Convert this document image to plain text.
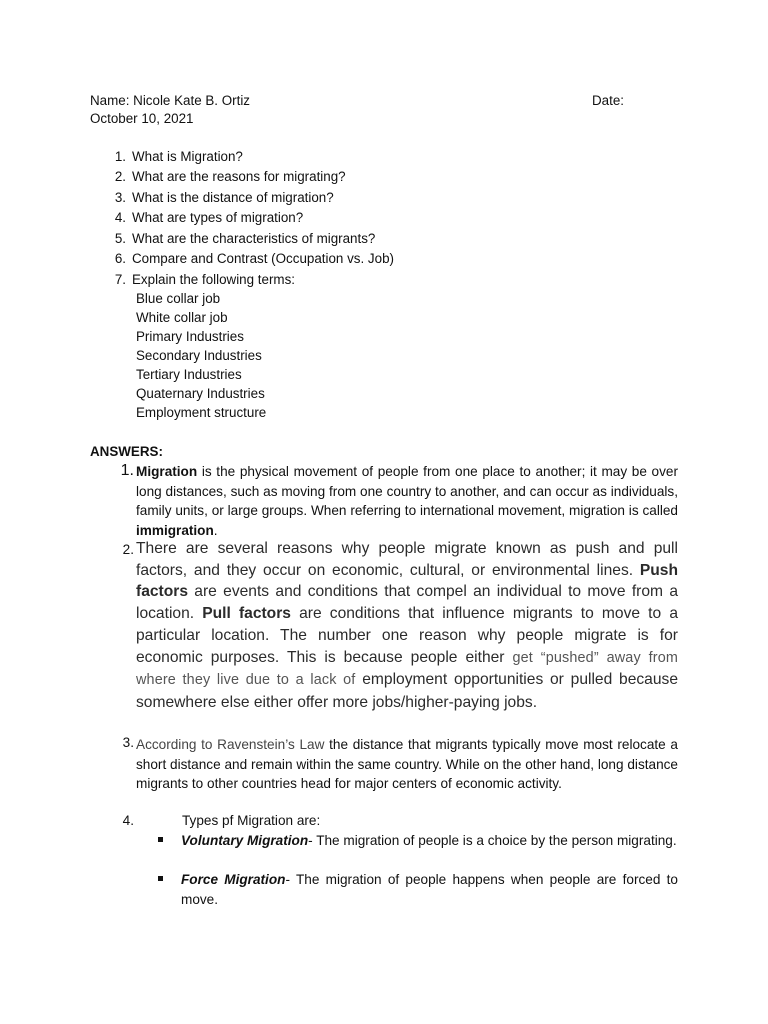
Name: Nicole Kate B. Ortiz	Date:
October 10, 2021
1. What is Migration?
2. What are the reasons for migrating?
3. What is the distance of migration?
4. What are types of migration?
5. What are the characteristics of migrants?
6. Compare and Contrast (Occupation vs. Job)
7. Explain the following terms:
Blue collar job
White collar job
Primary Industries
Secondary Industries
Tertiary Industries
Quaternary Industries
Employment structure
ANSWERS:
1. Migration is the physical movement of people from one place to another; it may be over long distances, such as moving from one country to another, and can occur as individuals, family units, or large groups. When referring to international movement, migration is called immigration.
2. There are several reasons why people migrate known as push and pull factors, and they occur on economic, cultural, or environmental lines. Push factors are events and conditions that compel an individual to move from a location. Pull factors are conditions that influence migrants to move to a particular location. The number one reason why people migrate is for economic purposes. This is because people either get “pushed” away from where they live due to a lack of employment opportunities or pulled because somewhere else either offer more jobs/higher-paying jobs.
3. According to Ravenstein’s Law the distance that migrants typically move most relocate a short distance and remain within the same country. While on the other hand, long distance migrants to other countries head for major centers of economic activity.
4.	Types pf Migration are:
Voluntary Migration- The migration of people is a choice by the person migrating.
Force Migration- The migration of people happens when people are forced to move.
